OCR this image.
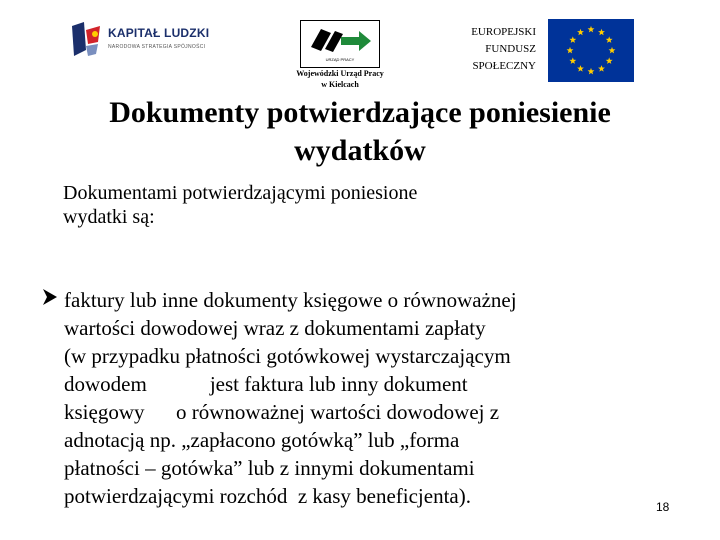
KAPITAŁ LUDZKI
NARODOWA STRATEGIA SPÓJNOŚCI
URZĄD PRACY
Wojewódzki Urząd Pracy
w Kielcach
EUROPEJSKI
FUNDUSZ
SPOŁECZNY
Dokumenty potwierdzające poniesienie
wydatków
Dokumentami potwierdzającymi poniesione
wydatki są:
faktury lub inne dokumenty księgowe o równoważnej
wartości dowodowej wraz z dokumentami zapłaty
(w przypadku płatności gotówkowej wystarczającym
dowodem            jest faktura lub inny dokument
księgowy      o równoważnej wartości dowodowej z
adnotacją np. „zapłacono gotówką” lub „forma
płatności – gotówka” lub z innymi dokumentami
potwierdzającymi rozchód  z kasy beneficjenta).	18
